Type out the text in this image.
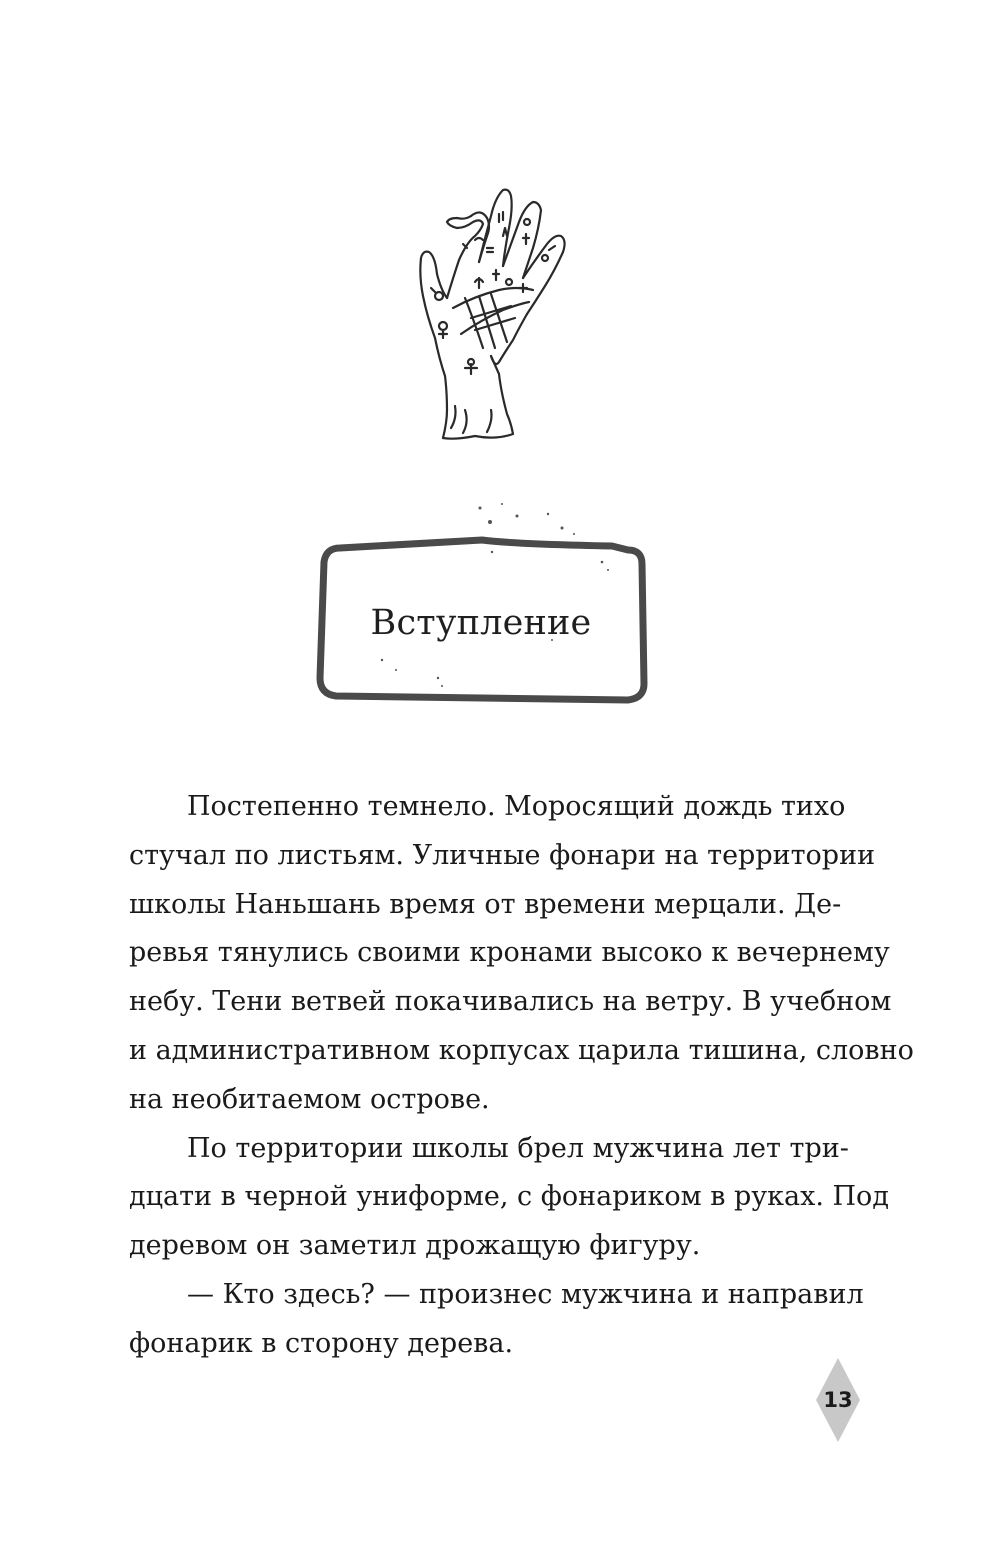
Вступление
Постепенно темнело. Моросящий дождь тихо
стучал по листьям. Уличные фонари на территории
школы Наньшань время от времени мерцали. Де-
ревья тянулись своими кронами высоко к вечернему
небу. Тени ветвей покачивались на ветру. В учебном
и административном корпусах царила тишина, словно
на необитаемом острове.
По территории школы брел мужчина лет три-
дцати в черной униформе, с фонариком в руках. Под
деревом он заметил дрожащую фигуру.
— Кто здесь? — произнес мужчина и направил
фонарик в сторону дерева.
13
